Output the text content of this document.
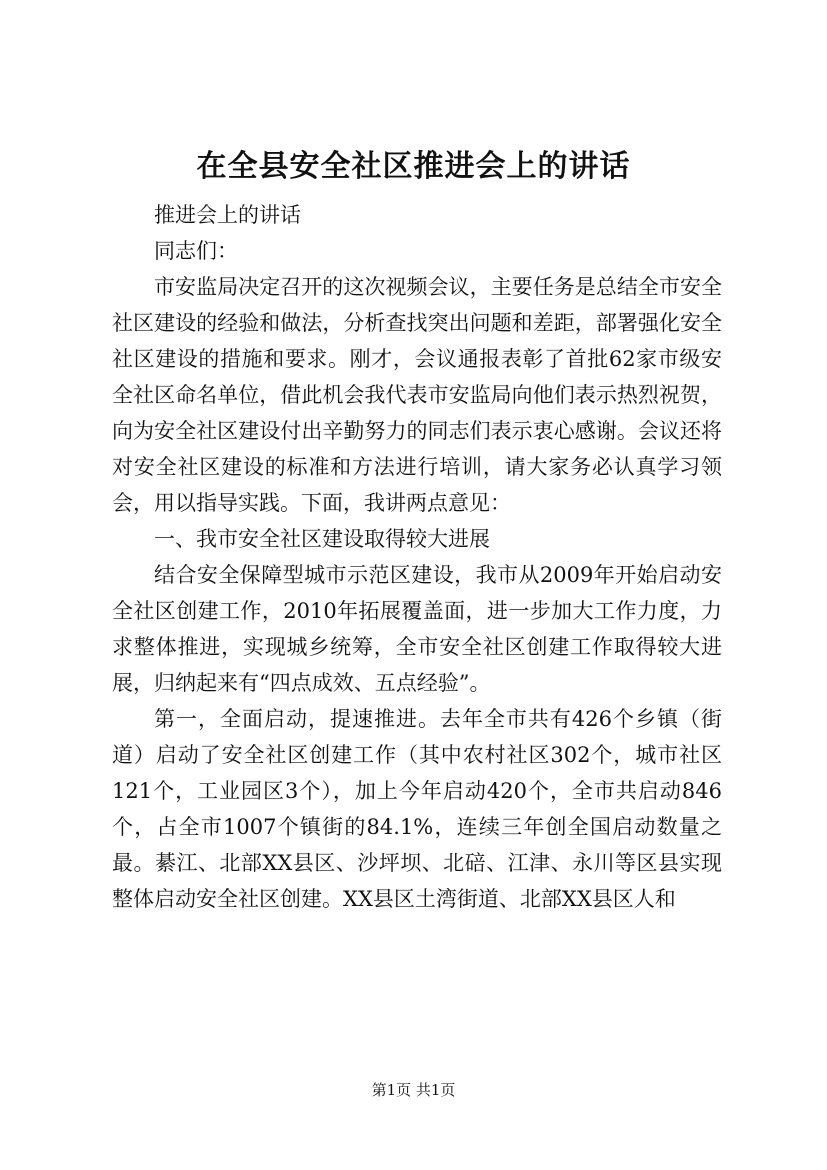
在全县安全社区推进会上的讲话

推进会上的讲话

同志们：

市安监局决定召开的这次视频会议，主要任务是总结全市安全社区建设的经验和做法，分析查找突出问题和差距，部署强化安全社区建设的措施和要求。刚才，会议通报表彰了首批62家市级安全社区命名单位，借此机会我代表市安监局向他们表示热烈祝贺，向为安全社区建设付出辛勤努力的同志们表示衷心感谢。会议还将对安全社区建设的标准和方法进行培训，请大家务必认真学习领会，用以指导实践。下面，我讲两点意见：

一、我市安全社区建设取得较大进展

结合安全保障型城市示范区建设，我市从2009年开始启动安全社区创建工作，2010年拓展覆盖面，进一步加大工作力度，力求整体推进，实现城乡统筹，全市安全社区创建工作取得较大进展，归纳起来有“四点成效、五点经验”。

第一，全面启动，提速推进。去年全市共有426个乡镇（街道）启动了安全社区创建工作（其中农村社区302个，城市社区121个，工业园区3个），加上今年启动420个，全市共启动846个，占全市1007个镇街的84.1%，连续三年创全国启动数量之最。綦江、北部XX县区、沙坪坝、北碚、江津、永川等区县实现整体启动安全社区创建。XX县区土湾街道、北部XX县区人和

第1页 共1页
